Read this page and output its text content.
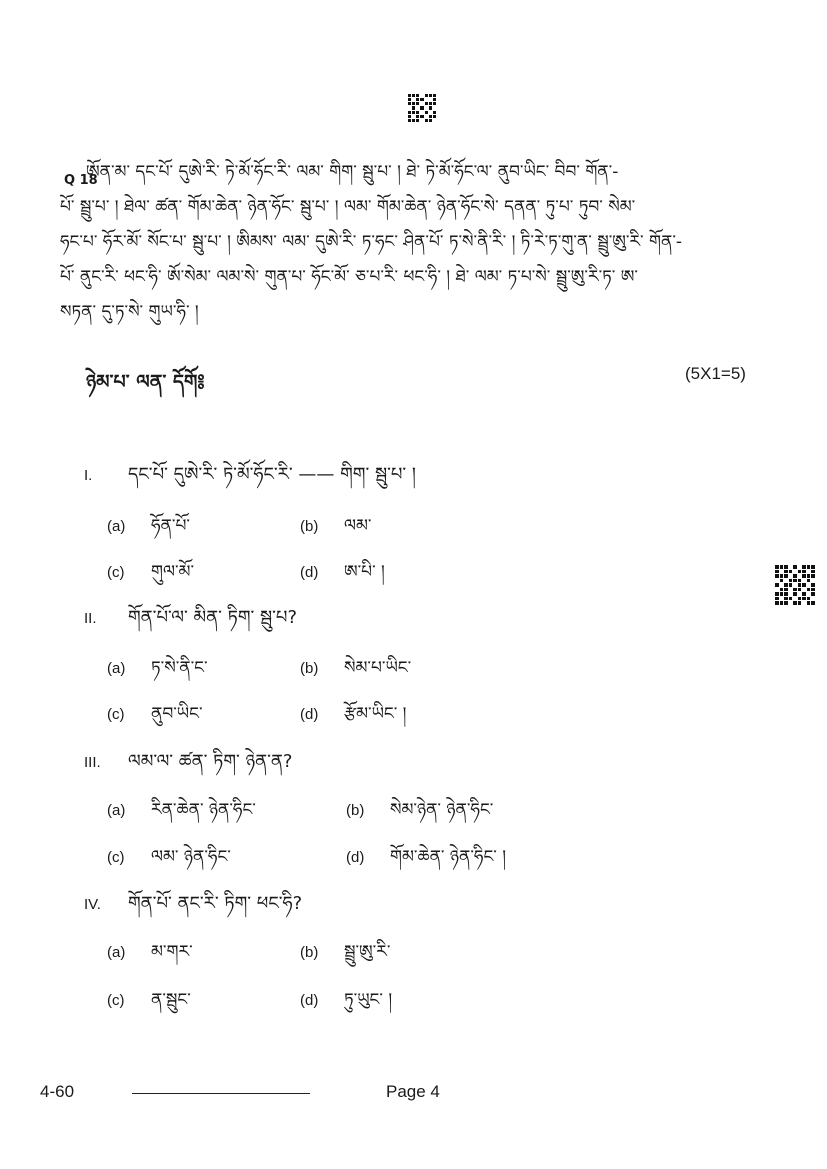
Q 18
ཨོན་མ་ དང་པོ་ དུཨེ་རི་ ཏེ་མོ་ཧོང་རི་ ལམ་ གིག་ སྦུ་པ་ ། ཐེ་ ཏེ་མོ་ཧོང་ལ་ ནུབ་ཡིང་ བིབ་ གོན་-
པོ་ སྦྲུ་པ་ ། ཐེལ་ ཚན་ གོམ་ཆེན་ ཉེན་ཧོང་ སྦུ་པ་ ། ལམ་ གོམ་ཆེན་ ཉེན་ཧོང་སེ་ དནན་ ཏུ་པ་ ཏུབ་ སེམ་
ཧང་པ་ ཧོར་མོ་ སོང་པ་ སྦུ་པ་ ། ཨིམས་ ལམ་ དུཨེ་རི་ ཏ་ཧང་ ཤིན་པོ་ ཏ་སེ་ནི་རི་ ། ཏི་རེ་ཏ་གུ་ན་ སྦྲུ་ཨུ་རི་ གོན་-
པོ་ ནུང་རི་ ཕང་ཧི་ ཨོ་སེམ་ ལམ་སེ་ གུན་པ་ ཧོང་མོ་ ཅ་པ་རི་ ཕང་ཧི་ ། ཐེ་ ལམ་ ཏ་པ་སེ་ སྦྲུ་ཨུ་རི་ཏ་ ཨ་
སཏན་ དུ་ཏ་སེ་ གུཡ་ཧི་ །
ཉེམ་པ་ ལན་ དོགོ༔	(5X1=5)
I. དང་པོ་ དུཨེ་རི་ ཏེ་མོ་ཧོང་རི་ —— གིག་ སྦུ་པ་ །
(a) ཧོན་པོ་	(b) ལམ་
(c) གུལ་མོ་	(d) ཨ་པི་ །
II. གོན་པོ་ལ་ མིན་ ཏིག་ སྦུ་པ?
(a) ཏ་སེ་ནི་ང་	(b) སེམ་པ་ཡིང་
(c) ནུབ་ཡིང་	(d) རྩོམ་ཡིང་ །
III. ལམ་ལ་ ཚན་ ཏིག་ ཉེན་ན?
(a) རིན་ཆེན་ ཉེན་ཧིང་	(b) སེམ་ཉེན་ ཉེན་ཧིང་
(c) ལམ་ ཉེན་ཧིང་	(d) གོམ་ཆེན་ ཉེན་ཧིང་ །
IV. གོན་པོ་ ནང་རི་ ཏིག་ ཕང་ཧི?
(a) མ་གར་	(b) སྦྲུ་ཨུ་རི་
(c) ན་སྦུང་	(d) ཏུ་ཡུང་ །
4-60	Page 4
